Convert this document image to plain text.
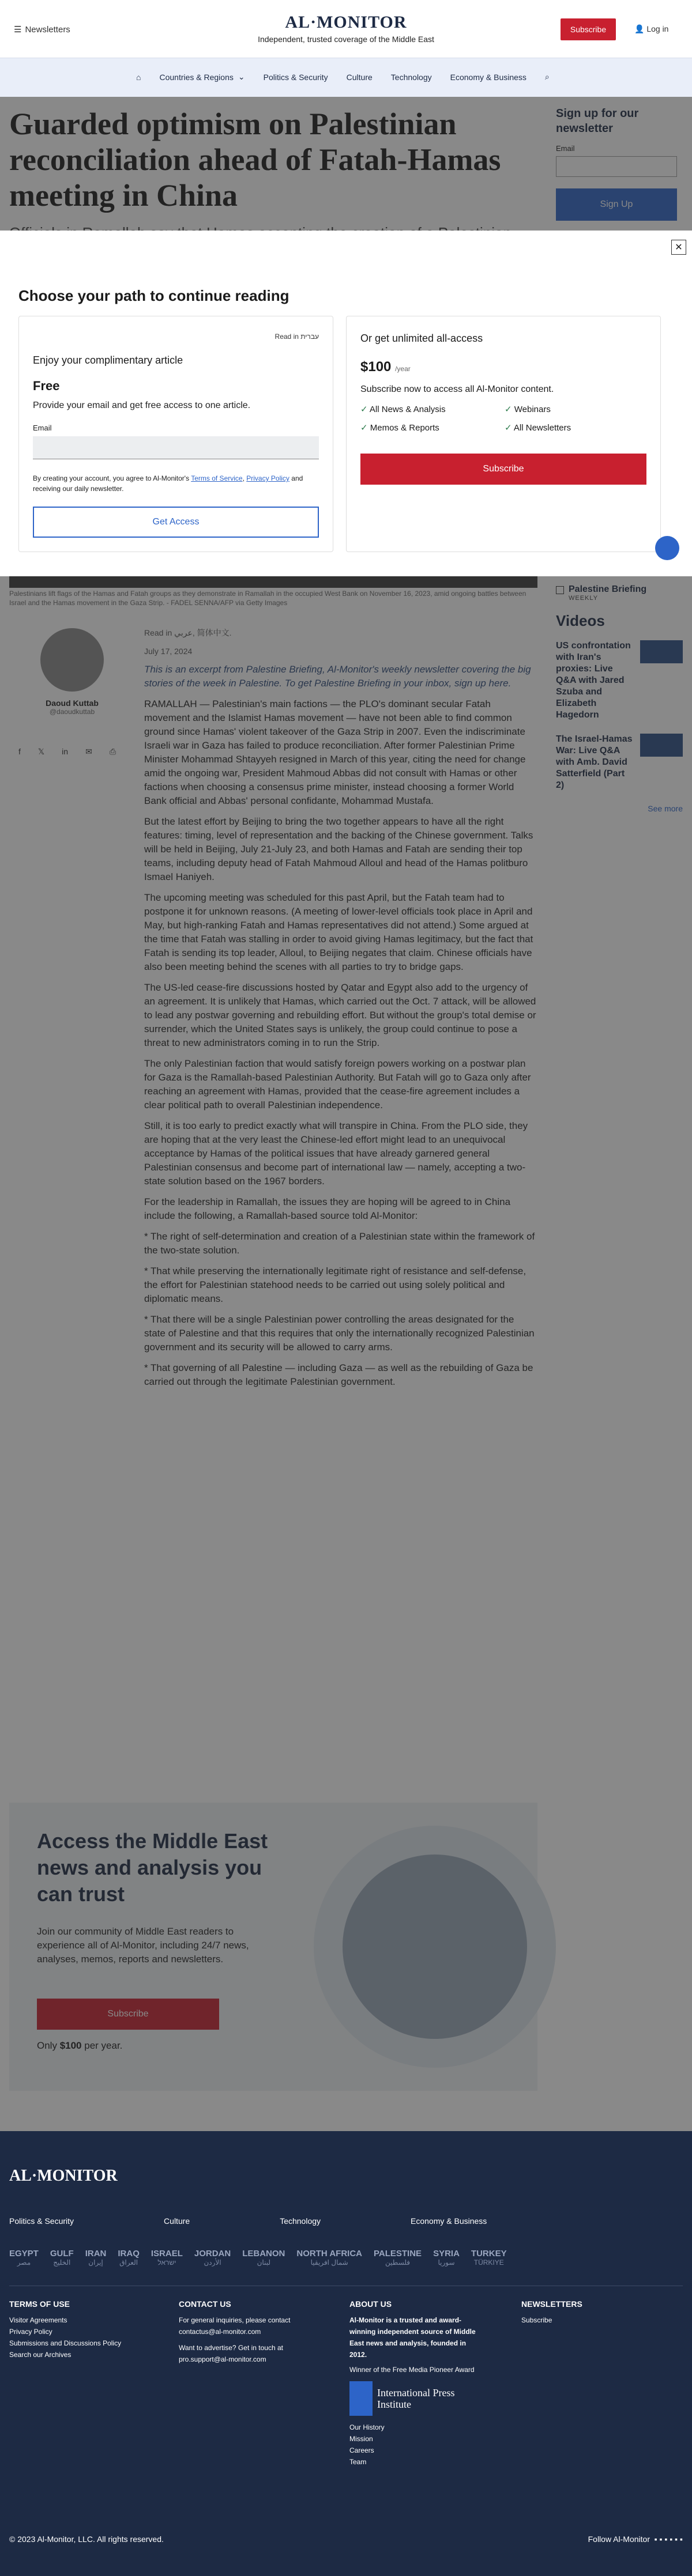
☰ Newsletters	AL·MONITOR
Independent, trusted coverage of the Middle East
Subscribe	👤 Log in
⌂ Countries & Regions ⌄ Politics & Security Culture Technology Economy & Business ⌕

✕
Choose your path to continue reading
Read in עברית
Enjoy your complimentary article
Free
Provide your email and get free access to one article.
Email
By creating your account, you agree to Al-Monitor's Terms of Service, Privacy Policy and receiving our daily newsletter.
Get Access
Or get unlimited all-access
$100 /year
Subscribe now to access all Al-Monitor content.
✓ All News & Analysis	✓ Webinars
✓ Memos & Reports	✓ All Newsletters
Subscribe
AL·MONITOR
Politics & Security	Culture	Technology	Economy & Business
EGYPT
مصر
GULF
الخليج
IRAN
إيران
IRAQ
العراق
ISRAEL
ישראל
JORDAN
الأردن
LEBANON
لبنان
NORTH AFRICA
شمال افريقيا
PALESTINE
فلسطين
SYRIA
سوريا
TURKEY
TÜRKIYE
TERMS OF USE
Visitor Agreements
Privacy Policy
Submissions and Discussions Policy
Search our Archives
CONTACT US
For general inquiries, please contact contactus@al-monitor.com
Want to advertise? Get in touch at pro.support@al-monitor.com
ABOUT US
Al-Monitor is a trusted and award-winning independent source of Middle East news and analysis, founded in 2012.
Winner of the Free Media Pioneer Award
International Press Institute
Our History
Mission
Careers
Team
NEWSLETTERS
Subscribe
© 2023 Al-Monitor, LLC. All rights reserved.	Follow Al-Monitor ▪ ▪ ▪ ▪ ▪ ▪
